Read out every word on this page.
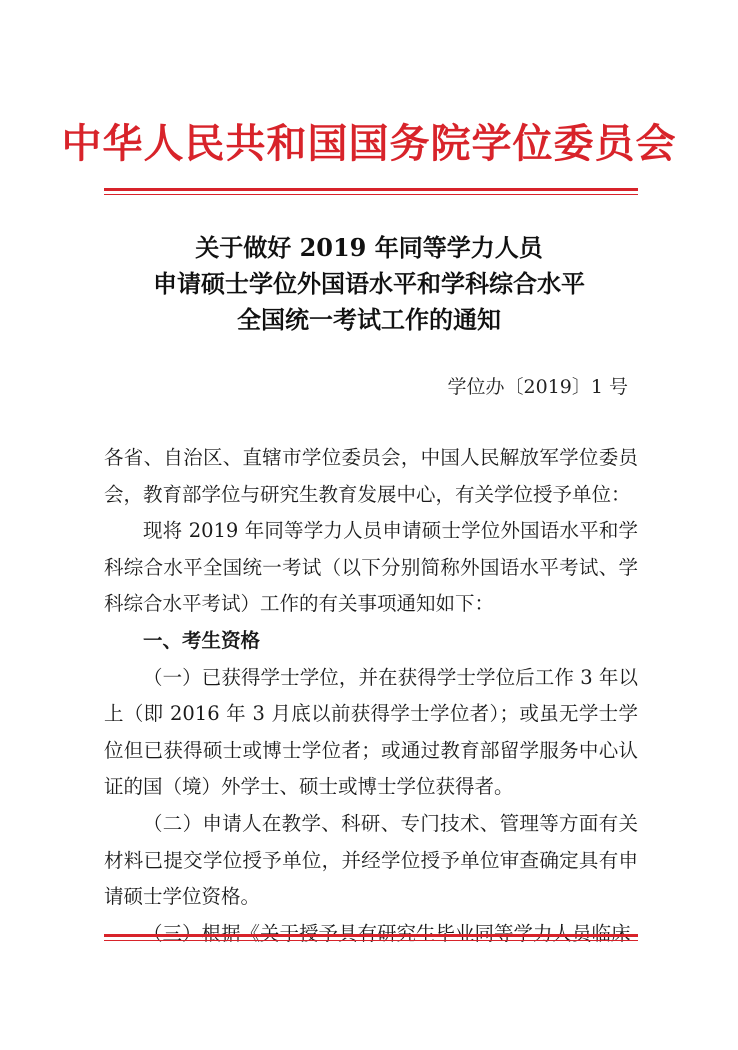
中华人民共和国国务院学位委员会
关于做好 2019 年同等学力人员
申请硕士学位外国语水平和学科综合水平
全国统一考试工作的通知
学位办〔2019〕1 号

各省、自治区、直辖市学位委员会，中国人民解放军学位委员会，教育部学位与研究生教育发展中心，有关学位授予单位：

现将 2019 年同等学力人员申请硕士学位外国语水平和学科综合水平全国统一考试（以下分别简称外国语水平考试、学科综合水平考试）工作的有关事项通知如下：

一、考生资格

（一）已获得学士学位，并在获得学士学位后工作 3 年以上（即 2016 年 3 月底以前获得学士学位者）；或虽无学士学位但已获得硕士或博士学位者；或通过教育部留学服务中心认证的国（境）外学士、硕士或博士学位获得者。

（二）申请人在教学、科研、专门技术、管理等方面有关材料已提交学位授予单位，并经学位授予单位审查确定具有申请硕士学位资格。
